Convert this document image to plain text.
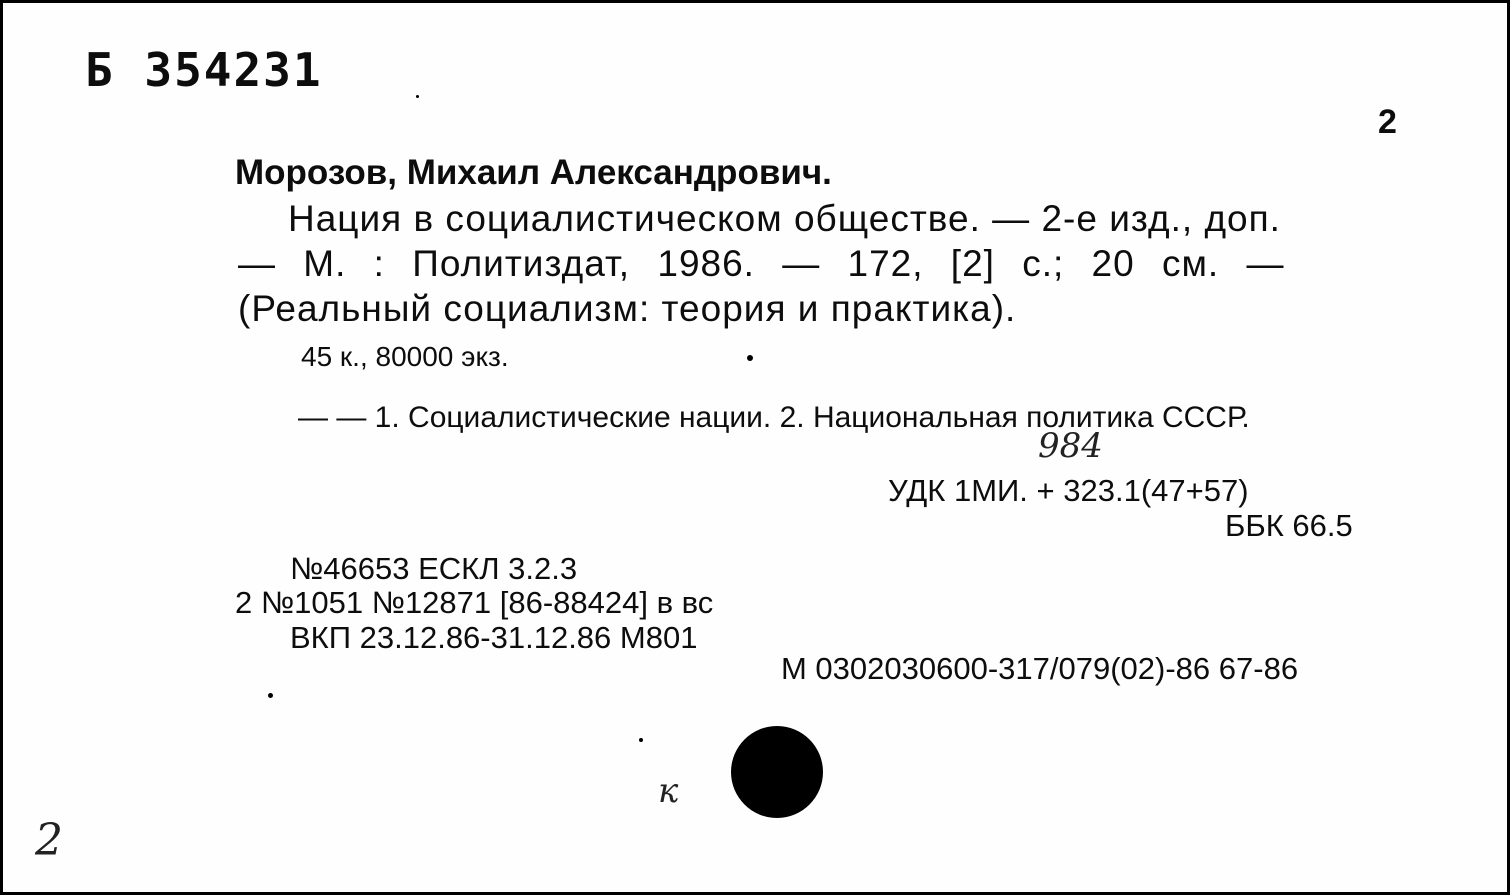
Б 354231
2
Морозов, Михаил Александрович.
Нация в социалистическом обществе. — 2-е изд., доп.
— М. : Политиздат, 1986. — 172, [2] с.; 20 см. —
(Реальный социализм: теория и практика).
45 к., 80000 экз.
— — 1. Социалистические нации. 2. Национальная политика СССР.
984
УДК 1МИ. + 323.1(47+57)
ББК 66.5
№46653 ЕСКЛ 3.2.3
2 №1051 №12871 [86-88424] в вс
ВКП 23.12.86-31.12.86 М801
М 0302030600-317/079(02)-86 67-86
к
2
